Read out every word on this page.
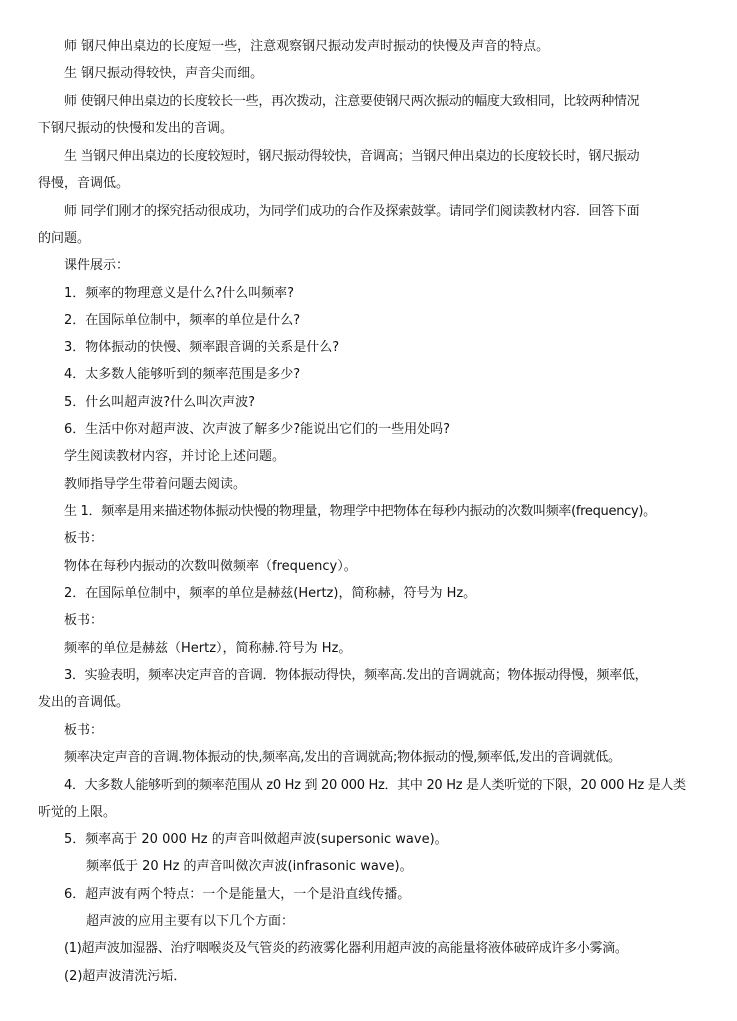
师 钢尺伸出桌边的长度短一些，注意观察钢尺振动发声时振动的快慢及声音的特点。
生 钢尺振动得较快，声音尖而细。
师 使钢尺伸出桌边的长度较长一些，再次拨动，注意要使钢尺两次振动的幅度大致相同，比较两种情况
下钢尺振动的快慢和发出的音调。
生 当钢尺伸出桌边的长度较短时，钢尺振动得较快，音调高；当钢尺伸出桌边的长度较长时，钢尺振动
得慢，音调低。
师 同学们刚才的探究括动很成功，为同学们成功的合作及探索鼓掌。请同学们阅读教材内容．回答下面
的问题。
课件展示：
1．频率的物理意义是什么?什么叫频率?
2．在国际单位制中，频率的单位是什么?
3．物体振动的快慢、频率跟音调的关系是什么?
4．太多数人能够听到的频率范围是多少?
5．什幺叫超声波?什么叫次声波?
6．生活中你对超声波、次声波了解多少?能说出它们的一些用处吗?
学生阅读教材内容，并讨论上述问题。
教师指导学生带着问题去阅读。
生 1．频率是用来描述物体振动快慢的物理量，物理学中把物体在每秒内振动的次数叫频率(frequency)。
板书：
物体在每秒内振动的次数叫傚频率（frequency）。
2．在国际单位制中，频率的单位是赫兹(Hertz)，简称赫，符号为 Hz。
板书：
频率的单位是赫兹（Hertz），简称赫.符号为 Hz。
3．实验表明，频率决定声音的音调．物体振动得快，频率高.发出的音调就高；物体振动得慢，频率低，
发出的音调低。
板书：
频率决定声音的音调.物体振动的快,频率高,发出的音调就高;物体振动的慢,频率低,发出的音调就低。
4．大多数人能够听到的频率范围从 z0 Hz 到 20 000 Hz．其中 20 Hz 是人类听觉的下限，20 000 Hz 是人类
听觉的上限。
5．频率高于 20 000 Hz 的声音叫傚超声波(supersonic wave)。
频率低于 20 Hz 的声音叫傚次声波(infrasonic wave)。
6．超声波有两个特点：一个是能量大，一个是沿直线传播。
超声波的应用主要有以下几个方面：
(1)超声波加湿器、治疗咽喉炎及气管炎的药液雾化器利用超声波的高能量将液体破碎成许多小雾滴。
(2)超声波清洗污垢．
